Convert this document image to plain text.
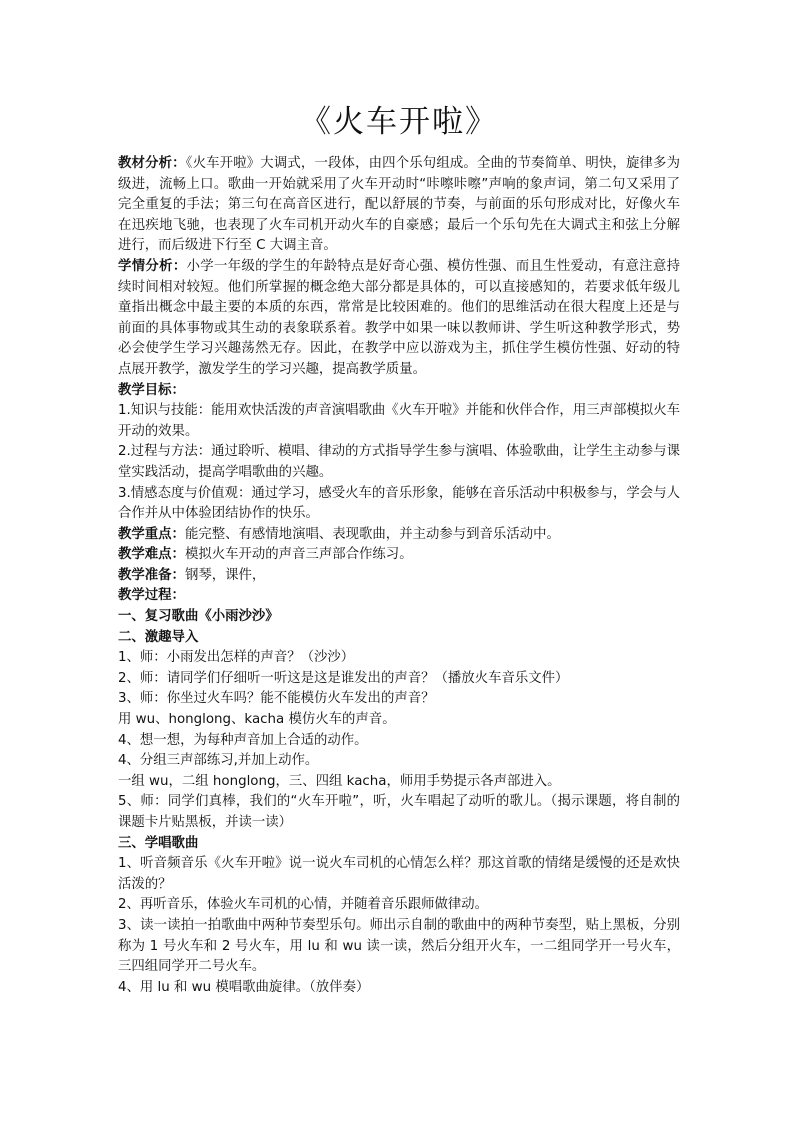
《火车开啦》

教材分析：《火车开啦》大调式，一段体，由四个乐句组成。全曲的节奏简单、明快，旋律多为级进，流畅上口。歌曲一开始就采用了火车开动时“咔嚓咔嚓”声响的象声词，第二句又采用了完全重复的手法；第三句在高音区进行，配以舒展的节奏，与前面的乐句形成对比，好像火车在迅疾地飞驰，也表现了火车司机开动火车的自豪感；最后一个乐句先在大调式主和弦上分解进行，而后级进下行至 C 大调主音。

学情分析：小学一年级的学生的年龄特点是好奇心强、模仿性强、而且生性爱动，有意注意持续时间相对较短。他们所掌握的概念绝大部分都是具体的，可以直接感知的，若要求低年级儿童指出概念中最主要的本质的东西，常常是比较困难的。他们的思维活动在很大程度上还是与前面的具体事物或其生动的表象联系着。教学中如果一味以教师讲、学生听这种教学形式，势必会使学生学习兴趣荡然无存。因此，在教学中应以游戏为主，抓住学生模仿性强、好动的特点展开教学，激发学生的学习兴趣，提高教学质量。

教学目标：

1.知识与技能：能用欢快活泼的声音演唱歌曲《火车开啦》并能和伙伴合作，用三声部模拟火车开动的效果。

2.过程与方法：通过聆听、模唱、律动的方式指导学生参与演唱、体验歌曲，让学生主动参与课堂实践活动，提高学唱歌曲的兴趣。

3.情感态度与价值观：通过学习，感受火车的音乐形象，能够在音乐活动中积极参与，学会与人合作并从中体验团结协作的快乐。

教学重点：能完整、有感情地演唱、表现歌曲，并主动参与到音乐活动中。

教学难点：模拟火车开动的声音三声部合作练习。

教学准备：钢琴，课件，

教学过程：

一、复习歌曲《小雨沙沙》

二、激趣导入

1、师：小雨发出怎样的声音？（沙沙）

2、师：请同学们仔细听一听这是这是谁发出的声音？（播放火车音乐文件）

3、师：你坐过火车吗？能不能模仿火车发出的声音？

用 wu、honglong、kacha 模仿火车的声音。

4、想一想，为每种声音加上合适的动作。

4、分组三声部练习,并加上动作。

一组 wu，二组 honglong，三、四组 kacha，师用手势提示各声部进入。

5、师：同学们真棒，我们的“火车开啦”，听，火车唱起了动听的歌儿。（揭示课题，将自制的课题卡片贴黑板，并读一读）

三、学唱歌曲

1、听音频音乐《火车开啦》说一说火车司机的心情怎么样？那这首歌的情绪是缓慢的还是欢快活泼的？

2、再听音乐，体验火车司机的心情，并随着音乐跟师做律动。

3、读一读拍一拍歌曲中两种节奏型乐句。师出示自制的歌曲中的两种节奏型，贴上黑板，分别称为 1 号火车和 2 号火车，用 lu 和 wu 读一读，然后分组开火车，一二组同学开一号火车，三四组同学开二号火车。

4、用 lu 和 wu 模唱歌曲旋律。（放伴奏）
